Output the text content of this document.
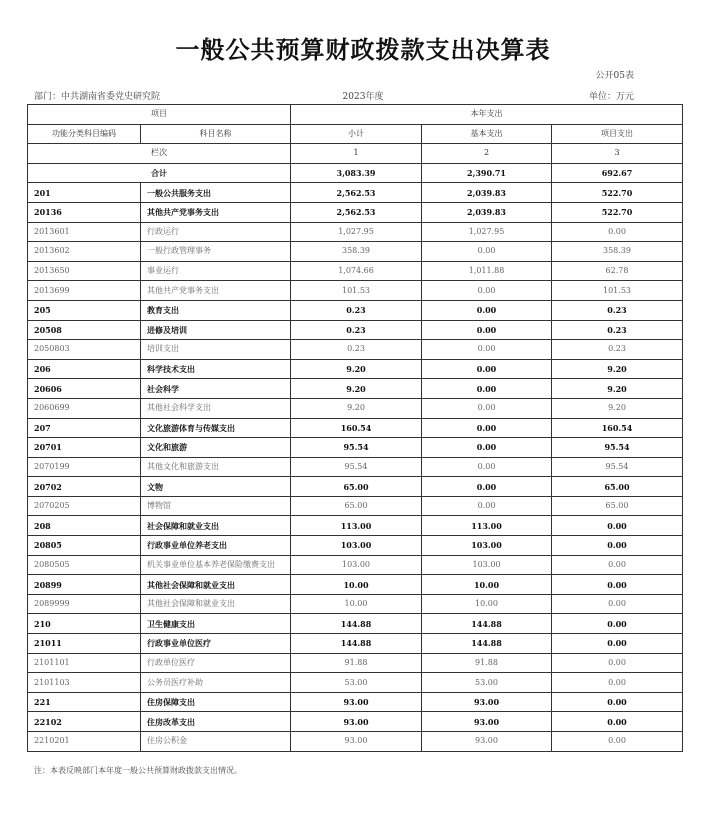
一般公共预算财政拨款支出决算表
公开05表
部门：中共湖南省委党史研究院	2023年度	单位：万元
项目		本年支出		
功能分类科目编码	科目名称	小计	基本支出	项目支出
栏次		1	2	3
合计		3,083.39	2,390.71	692.67
201	一般公共服务支出	2,562.53	2,039.83	522.70
20136	其他共产党事务支出	2,562.53	2,039.83	522.70
2013601	行政运行	1,027.95	1,027.95	0.00
2013602	一般行政管理事务	358.39	0.00	358.39
2013650	事业运行	1,074.66	1,011.88	62.78
2013699	其他共产党事务支出	101.53	0.00	101.53
205	教育支出	0.23	0.00	0.23
20508	进修及培训	0.23	0.00	0.23
2050803	培训支出	0.23	0.00	0.23
206	科学技术支出	9.20	0.00	9.20
20606	社会科学	9.20	0.00	9.20
2060699	其他社会科学支出	9.20	0.00	9.20
207	文化旅游体育与传媒支出	160.54	0.00	160.54
20701	文化和旅游	95.54	0.00	95.54
2070199	其他文化和旅游支出	95.54	0.00	95.54
20702	文物	65.00	0.00	65.00
2070205	博物馆	65.00	0.00	65.00
208	社会保障和就业支出	113.00	113.00	0.00
20805	行政事业单位养老支出	103.00	103.00	0.00
2080505	机关事业单位基本养老保险缴费支出	103.00	103.00	0.00
20899	其他社会保障和就业支出	10.00	10.00	0.00
2089999	其他社会保障和就业支出	10.00	10.00	0.00
210	卫生健康支出	144.88	144.88	0.00
21011	行政事业单位医疗	144.88	144.88	0.00
2101101	行政单位医疗	91.88	91.88	0.00
2101103	公务员医疗补助	53.00	53.00	0.00
221	住房保障支出	93.00	93.00	0.00
22102	住房改革支出	93.00	93.00	0.00
2210201	住房公积金	93.00	93.00	0.00
注：本表反映部门本年度一般公共预算财政拨款支出情况。
